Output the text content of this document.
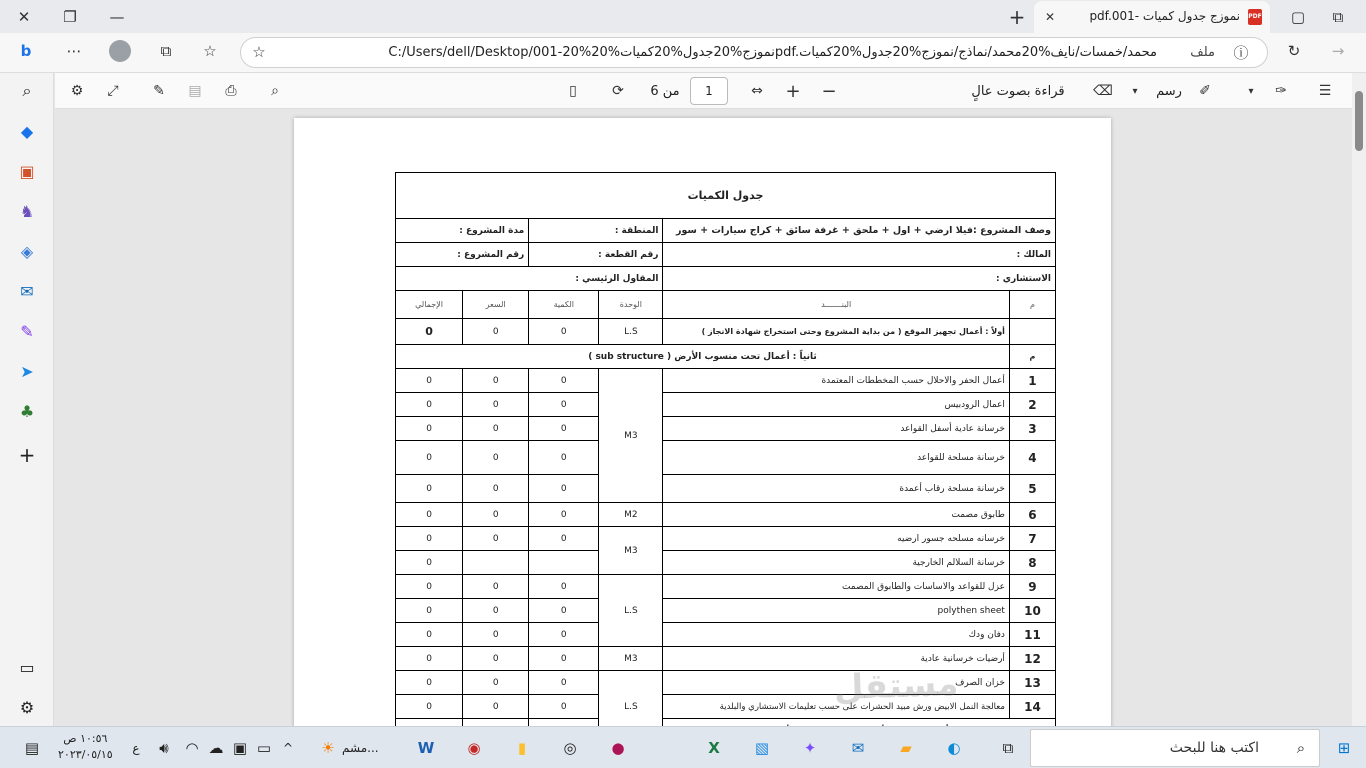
✕	❐	—	+	✕	نموزج جدول كميات -pdf.001 PDF	▢	⧉
b	⋯	⧉	☆	☆	C:/Users/dell/Desktop/001-20%نموزج%20جدول%20كميات%20pdf.محمد/خمسات/نايف%20محمد/نماذج/نموزج%20جدول%20كميات	ملف ⓘ	↻	→
⌕
◆
▣
♞
◈
✉
✎
➤
♣
+
▭
⚙
⚙	⤢	✎	▤	⎙	⌕	▯	⟳	من 6	1	⇔	+ −	قراءة بصوت عالٍ ⌫	▾	رسم	✐	▾	✑	☰
جدول الكميات					
وصف المشروع :فيلا ارضي + اول + ملحق + غرفة سائق + كراج سيارات + سور		المنطقة :		مدة المشروع :	
المالك :		رقم القطعة :		رقم المشروع :	
الاستشاري :		المقاول الرئيسي :			
م	البنـــــــد	الوحدة	الكمية	السعر	الإجمالي
	أولاً : أعمال تجهيز الموقع ( من بداية المشروع وحتى استخراج شهادة الانجاز )	L.S	0	0	0
م	ثانياً : أعمال تحت منسوب الأرض ( sub structure )				
1	أعمال الحفر والاحلال حسب المخططات المعتمدة	M3	0	0	0
2	اعمال الرودبيس		0	0	0
3	خرسانة عادية أسفل القواعد		0	0	0
4	خرسانة مسلحة للقواعد		0	0	0
5	خرسانة مسلحة رقاب أعمدة		0	0	0
6	طابوق مصمت	M2	0	0	0
7	خرسانه مسلحه جسور ارضيه	M3	0	0	0
8	خرسانة السلالم الخارجية				0
9	عزل للقواعد والاساسات والطابوق المصمت	L.S	0	0	0
10	polythen sheet		0	0	0
11	دفان ودك		0	0	0
12	أرضيات خرسانية عادية	M3	0	0	0
13	خزان الصرف	L.S	0	0	0
14	معالجة النمل الابيض ورش مبيد الحشرات على حسب تعليمات الاستشاري والبلدية		0	0	0
				مستقل
▤
١٠:٥٦ ص
٢٠٢٣/٠٥/١٥	ع	🔊︎	◠ ☁︎ ▣ ▭ ^	☀︎ مشم...	W	◉	▮	◎	●	X	▧	✦	✉	▰	◐	⧉	اكتب هنا للبحث	⌕	⊞
